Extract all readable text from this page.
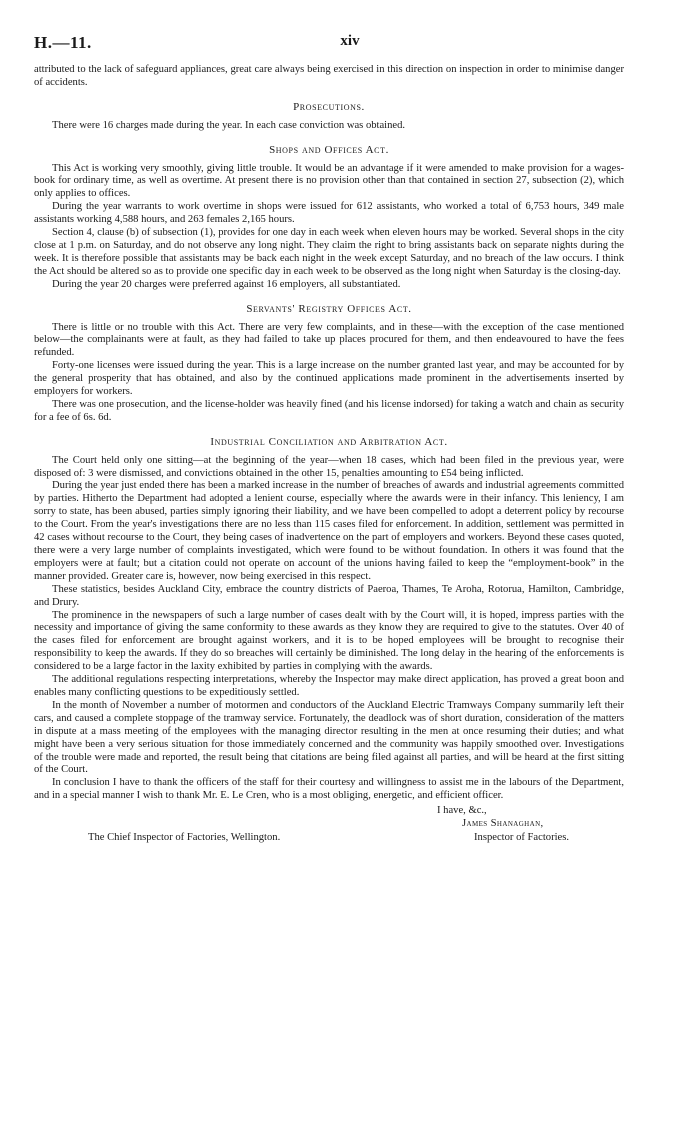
H.—11.	xiv

attributed to the lack of safeguard appliances, great care always being exercised in this direction on inspection in order to minimise danger of accidents.

Prosecutions.

There were 16 charges made during the year. In each case conviction was obtained.

Shops and Offices Act.

This Act is working very smoothly, giving little trouble. It would be an advantage if it were amended to make provision for a wages-book for ordinary time, as well as overtime. At present there is no provision other than that contained in section 27, subsection (2), which only applies to offices.

During the year warrants to work overtime in shops were issued for 612 assistants, who worked a total of 6,753 hours, 349 male assistants working 4,588 hours, and 263 females 2,165 hours.

Section 4, clause (b) of subsection (1), provides for one day in each week when eleven hours may be worked. Several shops in the city close at 1 p.m. on Saturday, and do not observe any long night. They claim the right to bring assistants back on separate nights during the week. It is therefore possible that assistants may be back each night in the week except Saturday, and no breach of the law occurs. I think the Act should be altered so as to provide one specific day in each week to be observed as the long night when Saturday is the closing-day.

During the year 20 charges were preferred against 16 employers, all substantiated.

Servants' Registry Offices Act.

There is little or no trouble with this Act. There are very few complaints, and in these—with the exception of the case mentioned below—the complainants were at fault, as they had failed to take up places procured for them, and then endeavoured to have the fees refunded.

Forty-one licenses were issued during the year. This is a large increase on the number granted last year, and may be accounted for by the general prosperity that has obtained, and also by the continued applications made prominent in the advertisements inserted by employers for workers.

There was one prosecution, and the license-holder was heavily fined (and his license indorsed) for taking a watch and chain as security for a fee of 6s. 6d.

Industrial Conciliation and Arbitration Act.

The Court held only one sitting—at the beginning of the year—when 18 cases, which had been filed in the previous year, were disposed of: 3 were dismissed, and convictions obtained in the other 15, penalties amounting to £54 being inflicted.

During the year just ended there has been a marked increase in the number of breaches of awards and industrial agreements committed by parties. Hitherto the Department had adopted a lenient course, especially where the awards were in their infancy. This leniency, I am sorry to state, has been abused, parties simply ignoring their liability, and we have been compelled to adopt a deterrent policy by recourse to the Court. From the year's investigations there are no less than 115 cases filed for enforcement. In addition, settlement was permitted in 42 cases without recourse to the Court, they being cases of inadvertence on the part of employers and workers. Beyond these cases quoted, there were a very large number of complaints investigated, which were found to be without foundation. In others it was found that the employers were at fault; but a citation could not operate on account of the unions having failed to keep the “employment-book” in the manner provided. Greater care is, however, now being exercised in this respect.

These statistics, besides Auckland City, embrace the country districts of Paeroa, Thames, Te Aroha, Rotorua, Hamilton, Cambridge, and Drury.

The prominence in the newspapers of such a large number of cases dealt with by the Court will, it is hoped, impress parties with the necessity and importance of giving the same conformity to these awards as they know they are required to give to the statutes. Over 40 of the cases filed for enforcement are brought against workers, and it is to be hoped employees will be brought to recognise their responsibility to keep the awards. If they do so breaches will certainly be diminished. The long delay in the hearing of the enforcements is considered to be a large factor in the laxity exhibited by parties in complying with the awards.

The additional regulations respecting interpretations, whereby the Inspector may make direct application, has proved a great boon and enables many conflicting questions to be expeditiously settled.

In the month of November a number of motormen and conductors of the Auckland Electric Tramways Company summarily left their cars, and caused a complete stoppage of the tramway service. Fortunately, the deadlock was of short duration, consideration of the matters in dispute at a mass meeting of the employees with the managing director resulting in the men at once resuming their duties; and what might have been a very serious situation for those immediately concerned and the community was happily smoothed over. Investigations of the trouble were made and reported, the result being that citations are being filed against all parties, and will be heard at the first sitting of the Court.

In conclusion I have to thank the officers of the staff for their courtesy and willingness to assist me in the labours of the Department, and in a special manner I wish to thank Mr. E. Le Cren, who is a most obliging, energetic, and efficient officer.

I have, &c.,
James Shanaghan,
The Chief Inspector of Factories, Wellington.	Inspector of Factories.
